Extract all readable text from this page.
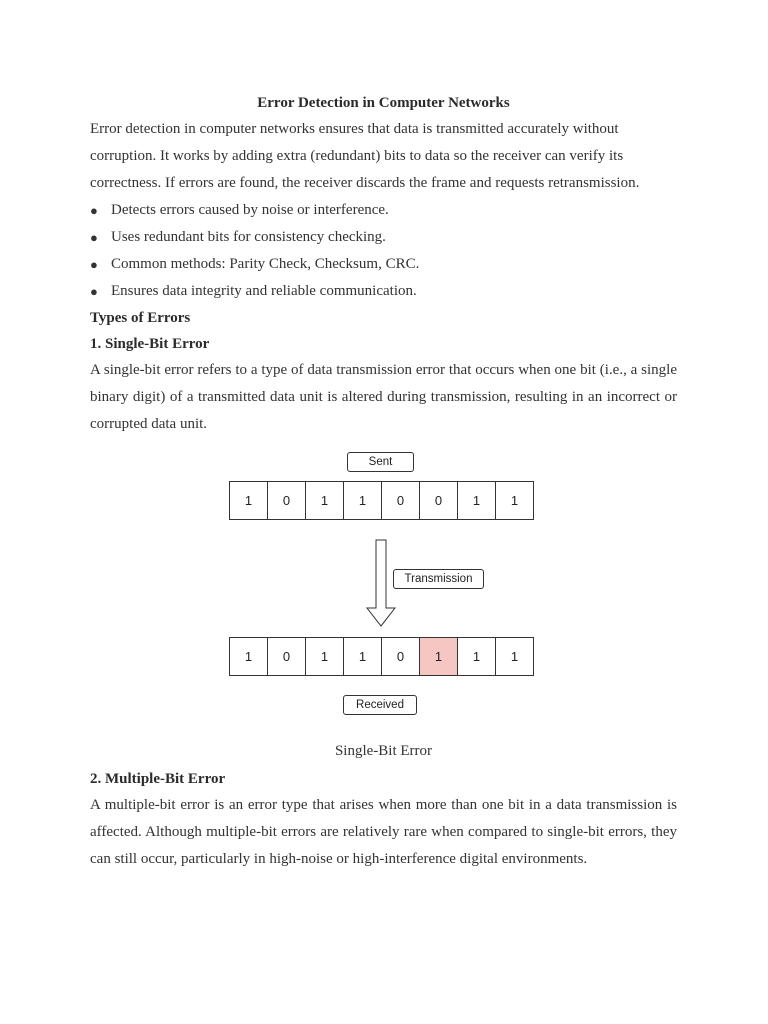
Error Detection in Computer Networks

Error detection in computer networks ensures that data is transmitted accurately without corruption. It works by adding extra (redundant) bits to data so the receiver can verify its correctness. If errors are found, the receiver discards the frame and requests retransmission.

● Detects errors caused by noise or interference.
● Uses redundant bits for consistency checking.
● Common methods: Parity Check, Checksum, CRC.
● Ensures data integrity and reliable communication.
Types of Errors
1. Single-Bit Error

A single-bit error refers to a type of data transmission error that occurs when one bit (i.e., a single binary digit) of a transmitted data unit is altered during transmission, resulting in an incorrect or corrupted data unit.

Sent
1	0	1	1	0	0	1	1
Transmission
1	0	1	1	0	1	1	1
Received
Single-Bit Error
2. Multiple-Bit Error

A multiple-bit error is an error type that arises when more than one bit in a data transmission is affected. Although multiple-bit errors are relatively rare when compared to single-bit errors, they can still occur, particularly in high-noise or high-interference digital environments.
